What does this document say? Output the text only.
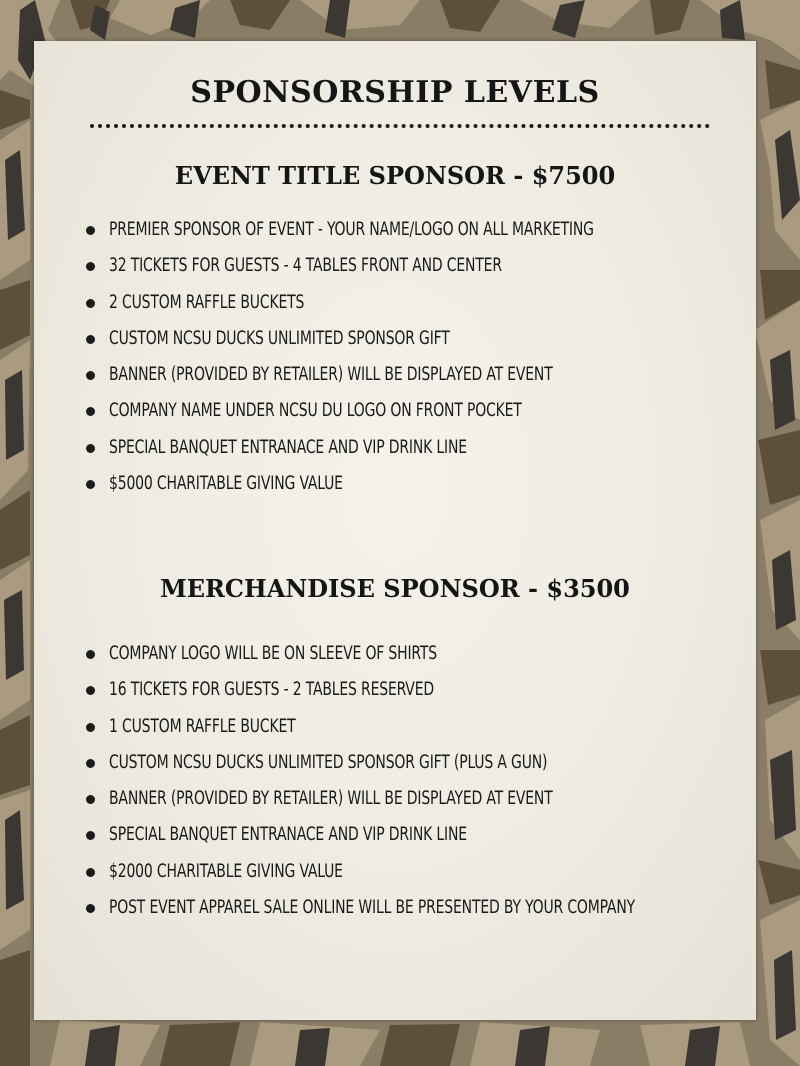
SPONSORSHIP LEVELS
EVENT TITLE SPONSOR - $7500
PREMIER SPONSOR OF EVENT - YOUR NAME/LOGO ON ALL MARKETING
32 TICKETS FOR GUESTS - 4 TABLES FRONT AND CENTER
2 CUSTOM RAFFLE BUCKETS
CUSTOM NCSU DUCKS UNLIMITED SPONSOR GIFT
BANNER (PROVIDED BY RETAILER) WILL BE DISPLAYED AT EVENT
COMPANY NAME UNDER NCSU DU LOGO ON FRONT POCKET
SPECIAL BANQUET ENTRANACE AND VIP DRINK LINE
$5000 CHARITABLE GIVING VALUE
MERCHANDISE SPONSOR - $3500
COMPANY LOGO WILL BE ON SLEEVE OF SHIRTS
16 TICKETS FOR GUESTS - 2 TABLES RESERVED
1 CUSTOM RAFFLE BUCKET
CUSTOM NCSU DUCKS UNLIMITED SPONSOR GIFT (PLUS A GUN)
BANNER (PROVIDED BY RETAILER) WILL BE DISPLAYED AT EVENT
SPECIAL BANQUET ENTRANACE AND VIP DRINK LINE
$2000 CHARITABLE GIVING VALUE
POST EVENT APPAREL SALE ONLINE WILL BE PRESENTED BY YOUR COMPANY
